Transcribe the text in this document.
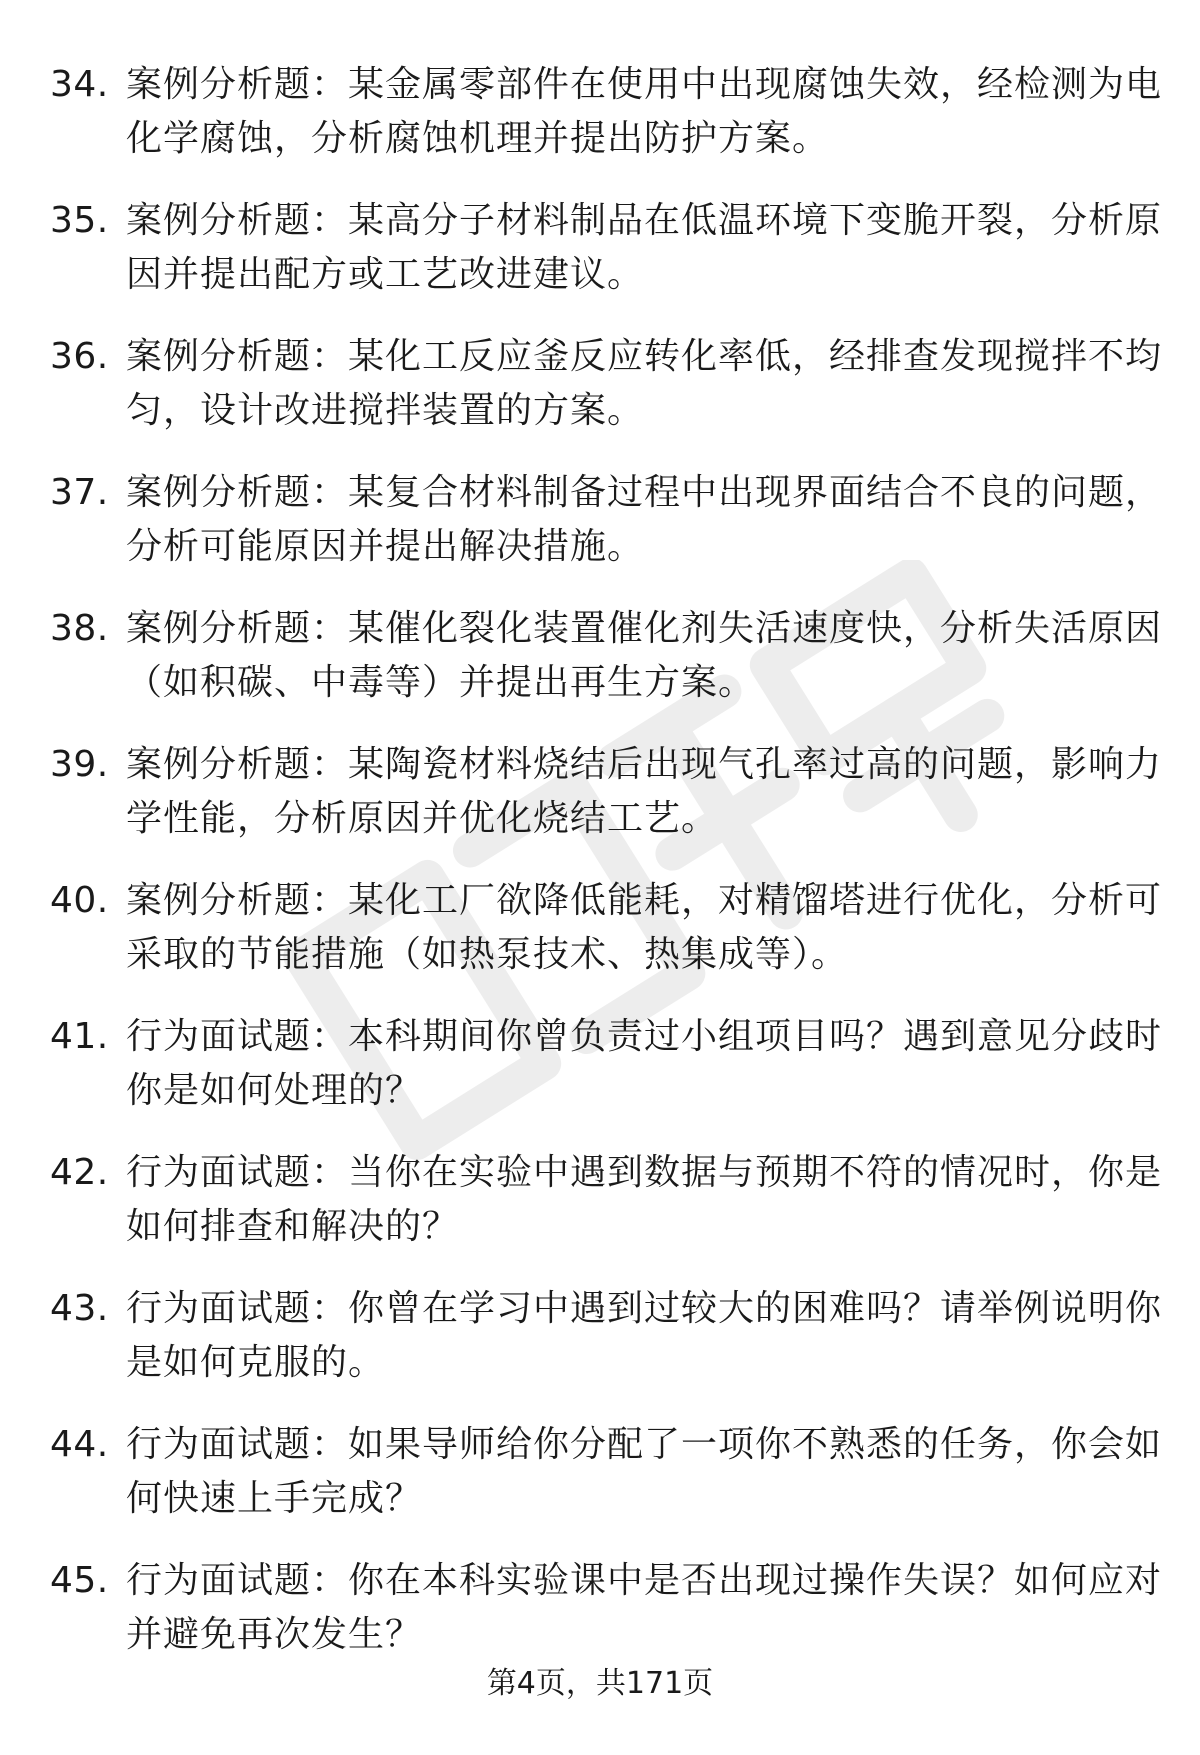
34. 案例分析题：某金属零部件在使用中出现腐蚀失效，经检测为电
化学腐蚀，分析腐蚀机理并提出防护方案。
35. 案例分析题：某高分子材料制品在低温环境下变脆开裂，分析原
因并提出配方或工艺改进建议。
36. 案例分析题：某化工反应釜反应转化率低，经排查发现搅拌不均
匀，设计改进搅拌装置的方案。
37. 案例分析题：某复合材料制备过程中出现界面结合不良的问题，
分析可能原因并提出解决措施。
38. 案例分析题：某催化裂化装置催化剂失活速度快，分析失活原因
（如积碳、中毒等）并提出再生方案。
39. 案例分析题：某陶瓷材料烧结后出现气孔率过高的问题，影响力
学性能，分析原因并优化烧结工艺。
40. 案例分析题：某化工厂欲降低能耗，对精馏塔进行优化，分析可
采取的节能措施（如热泵技术、热集成等）。
41. 行为面试题：本科期间你曾负责过小组项目吗？遇到意见分歧时
你是如何处理的？
42. 行为面试题：当你在实验中遇到数据与预期不符的情况时，你是
如何排查和解决的？
43. 行为面试题：你曾在学习中遇到过较大的困难吗？请举例说明你
是如何克服的。
44. 行为面试题：如果导师给你分配了一项你不熟悉的任务，你会如
何快速上手完成？
45. 行为面试题：你在本科实验课中是否出现过操作失误？如何应对
并避免再次发生？
第4页，共171页
